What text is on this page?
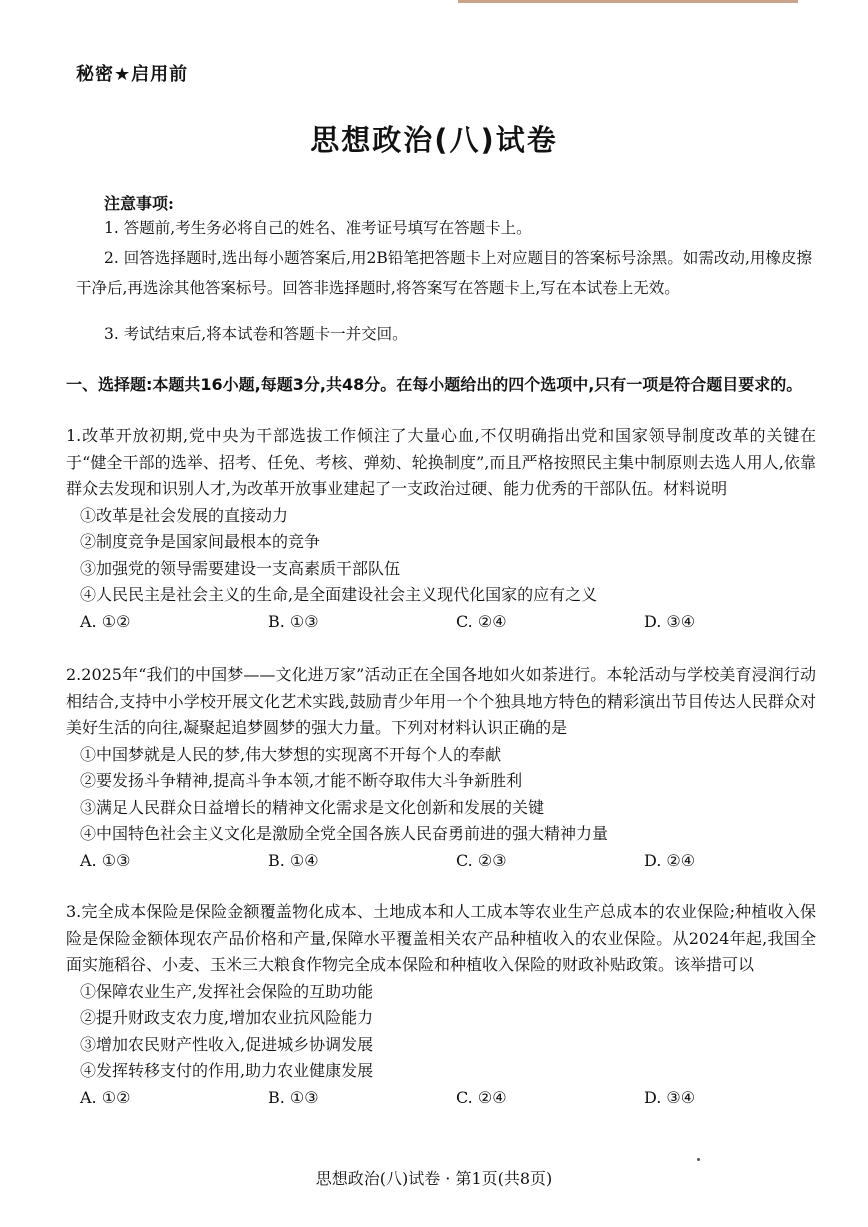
秘密★启用前
思想政治(八)试卷
注意事项:
1. 答题前,考生务必将自己的姓名、准考证号填写在答题卡上。
2. 回答选择题时,选出每小题答案后,用2B铅笔把答题卡上对应题目的答案标号涂黑。如需改动,用橡皮擦干净后,再选涂其他答案标号。回答非选择题时,将答案写在答题卡上,写在本试卷上无效。
3. 考试结束后,将本试卷和答题卡一并交回。
一、选择题:本题共16小题,每题3分,共48分。在每小题给出的四个选项中,只有一项是符合题目要求的。

1.改革开放初期,党中央为干部选拔工作倾注了大量心血,不仅明确指出党和国家领导制度改革的关键在于“健全干部的选举、招考、任免、考核、弹劾、轮换制度”,而且严格按照民主集中制原则去选人用人,依靠群众去发现和识别人才,为改革开放事业建起了一支政治过硬、能力优秀的干部队伍。材料说明

①改革是社会发展的直接动力

②制度竞争是国家间最根本的竞争

③加强党的领导需要建设一支高素质干部队伍

④人民民主是社会主义的生命,是全面建设社会主义现代化国家的应有之义

A. ①②	B. ①③	C. ②④	D. ③④

2.2025年“我们的中国梦——文化进万家”活动正在全国各地如火如荼进行。本轮活动与学校美育浸润行动相结合,支持中小学校开展文化艺术实践,鼓励青少年用一个个独具地方特色的精彩演出节目传达人民群众对美好生活的向往,凝聚起追梦圆梦的强大力量。下列对材料认识正确的是

①中国梦就是人民的梦,伟大梦想的实现离不开每个人的奉献

②要发扬斗争精神,提高斗争本领,才能不断夺取伟大斗争新胜利

③满足人民群众日益增长的精神文化需求是文化创新和发展的关键

④中国特色社会主义文化是激励全党全国各族人民奋勇前进的强大精神力量

A. ①③	B. ①④	C. ②③	D. ②④

3.完全成本保险是保险金额覆盖物化成本、土地成本和人工成本等农业生产总成本的农业保险;种植收入保险是保险金额体现农产品价格和产量,保障水平覆盖相关农产品种植收入的农业保险。从2024年起,我国全面实施稻谷、小麦、玉米三大粮食作物完全成本保险和种植收入保险的财政补贴政策。该举措可以

①保障农业生产,发挥社会保险的互助功能

②提升财政支农力度,增加农业抗风险能力

③增加农民财产性收入,促进城乡协调发展

④发挥转移支付的作用,助力农业健康发展

A. ①②	B. ①③	C. ②④	D. ③④
思想政治(八)试卷 · 第1页(共8页)
